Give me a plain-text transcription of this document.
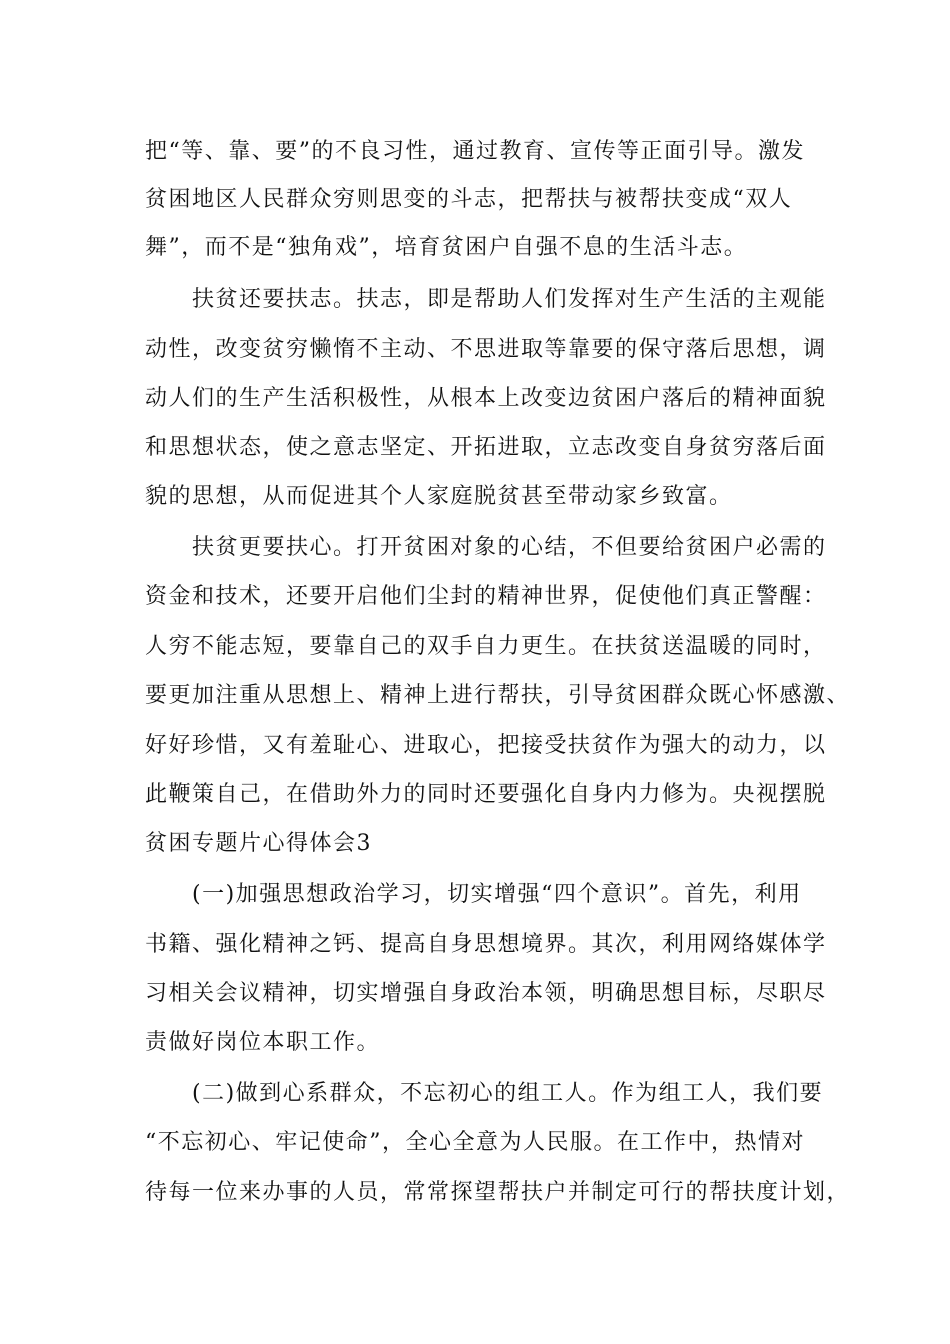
把“等、靠、要”的不良习性，通过教育、宣传等正面引导。激发

贫困地区人民群众穷则思变的斗志，把帮扶与被帮扶变成“双人

舞”，而不是“独角戏”，培育贫困户自强不息的生活斗志。

扶贫还要扶志。扶志，即是帮助人们发挥对生产生活的主观能

动性，改变贫穷懒惰不主动、不思进取等靠要的保守落后思想，调

动人们的生产生活积极性，从根本上改变边贫困户落后的精神面貌

和思想状态，使之意志坚定、开拓进取，立志改变自身贫穷落后面

貌的思想，从而促进其个人家庭脱贫甚至带动家乡致富。

扶贫更要扶心。打开贫困对象的心结，不但要给贫困户必需的

资金和技术，还要开启他们尘封的精神世界，促使他们真正警醒：

人穷不能志短，要靠自己的双手自力更生。在扶贫送温暖的同时，

要更加注重从思想上、精神上进行帮扶，引导贫困群众既心怀感激、

好好珍惜，又有羞耻心、进取心，把接受扶贫作为强大的动力，以

此鞭策自己，在借助外力的同时还要强化自身内力修为。央视摆脱

贫困专题片心得体会3

(一)加强思想政治学习，切实增强“四个意识”。首先，利用

书籍、强化精神之钙、提高自身思想境界。其次，利用网络媒体学

习相关会议精神，切实增强自身政治本领，明确思想目标，尽职尽

责做好岗位本职工作。

(二)做到心系群众，不忘初心的组工人。作为组工人，我们要

“不忘初心、牢记使命”，全心全意为人民服。在工作中，热情对

待每一位来办事的人员，常常探望帮扶户并制定可行的帮扶度计划，
